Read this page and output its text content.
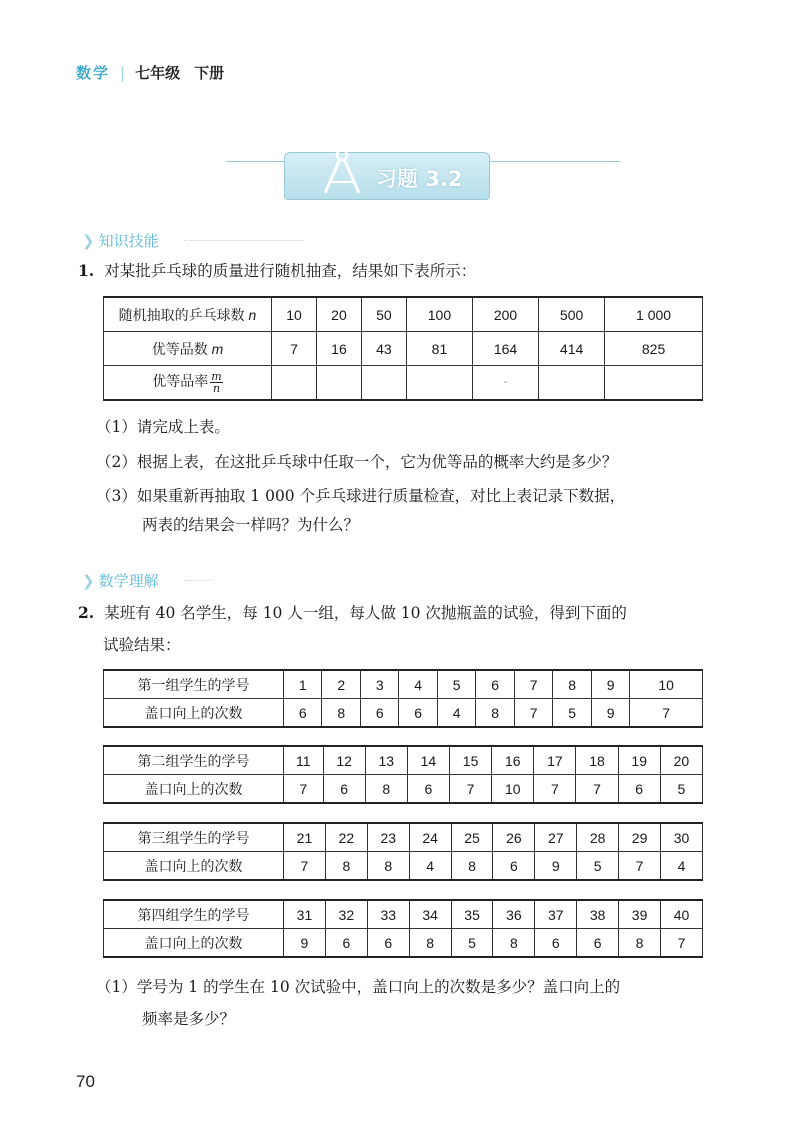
数学 | 七年级 下册
习题 3.2
❯ 知识技能
1. 对某批乒乓球的质量进行随机抽查，结果如下表所示：
随机抽取的乒乓球数 n	10	20	50	100	200	500	1 000
优等品数 m	7	16	43	81	164	414	825
优等品率 $\frac{m}{n}$					-		
（1）请完成上表。
（2）根据上表，在这批乒乓球中任取一个，它为优等品的概率大约是多少？
（3）如果重新再抽取 1 000 个乒乓球进行质量检查，对比上表记录下数据，
两表的结果会一样吗？为什么？
❯ 数学理解
2. 某班有 40 名学生，每 10 人一组，每人做 10 次抛瓶盖的试验，得到下面的
试验结果：
第一组学生的学号	1	2	3	4	5	6	7	8	9	10
盖口向上的次数	6	8	6	6	4	8	7	5	9	7
第二组学生的学号	11	12	13	14	15	16	17	18	19	20
盖口向上的次数	7	6	8	6	7	10	7	7	6	5
第三组学生的学号	21	22	23	24	25	26	27	28	29	30
盖口向上的次数	7	8	8	4	8	6	9	5	7	4
第四组学生的学号	31	32	33	34	35	36	37	38	39	40
盖口向上的次数	9	6	6	8	5	8	6	6	8	7
（1）学号为 1 的学生在 10 次试验中，盖口向上的次数是多少？盖口向上的
频率是多少？
70
